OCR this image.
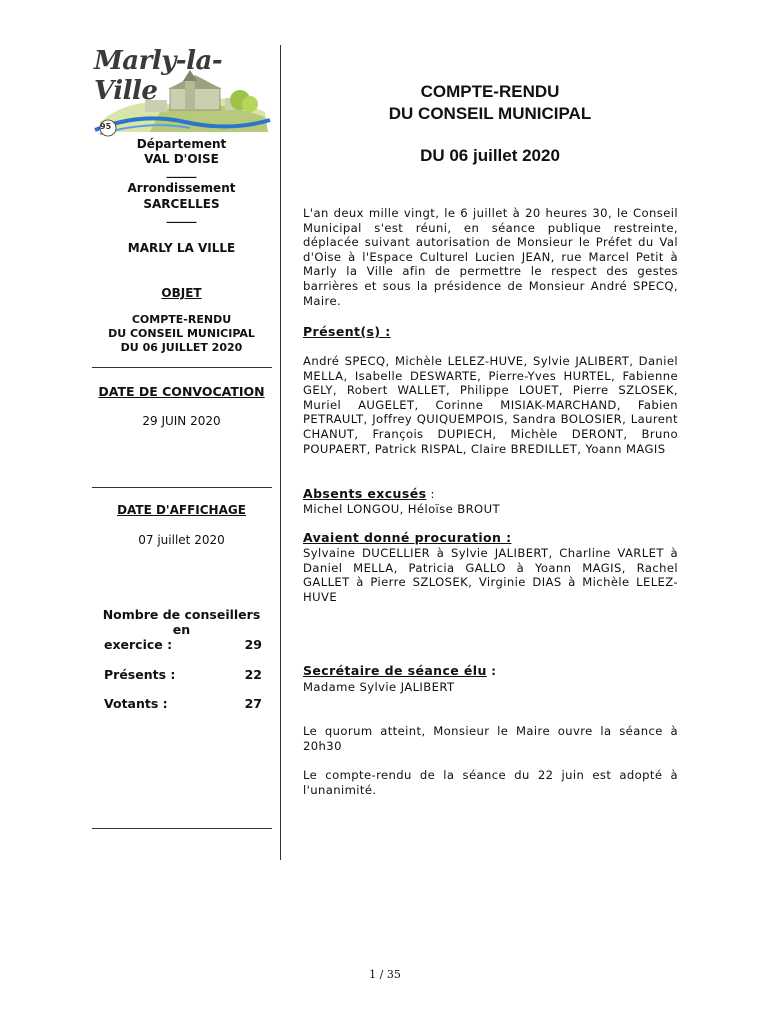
Marly-la-Ville
95
Département
VAL D'OISE
_____
Arrondissement
SARCELLES
_____
MARLY LA VILLE
OBJET
COMPTE-RENDU
DU CONSEIL MUNICIPAL
DU 06 JUILLET 2020
DATE DE CONVOCATION
29 JUIN 2020
DATE D'AFFICHAGE
07 juillet 2020
Nombre de conseillers
en
exercice :	29
Présents :	22
Votants :	27
COMPTE-RENDU
DU CONSEIL MUNICIPAL
DU 06 juillet 2020
L'an deux mille vingt, le 6 juillet à 20 heures 30, le Conseil Municipal s'est réuni, en séance publique restreinte, déplacée suivant autorisation de Monsieur le Préfet du Val d'Oise à l'Espace Culturel Lucien JEAN, rue Marcel Petit à Marly la Ville afin de permettre le respect des gestes barrières et sous la présidence de Monsieur André SPECQ, Maire.
Présent(s) :
André SPECQ, Michèle LELEZ-HUVE, Sylvie JALIBERT, Daniel MELLA, Isabelle DESWARTE, Pierre-Yves HURTEL, Fabienne GELY, Robert WALLET, Philippe LOUET, Pierre SZLOSEK, Muriel AUGELET, Corinne MISIAK-MARCHAND, Fabien PETRAULT, Joffrey QUIQUEMPOIS, Sandra BOLOSIER, Laurent CHANUT, François DUPIECH, Michèle DERONT, Bruno POUPAERT, Patrick RISPAL, Claire BREDILLET, Yoann MAGIS
Absents excusés :
Michel LONGOU, Héloïse BROUT
Avaient donné procuration :
Sylvaine DUCELLIER à Sylvie JALIBERT, Charline VARLET à Daniel MELLA, Patricia GALLO à Yoann MAGIS, Rachel GALLET à Pierre SZLOSEK, Virginie DIAS à Michèle LELEZ-HUVE
Secrétaire de séance élu :
Madame Sylvie JALIBERT
Le quorum atteint, Monsieur le Maire ouvre la séance à 20h30
Le compte-rendu de la séance du 22 juin est adopté à l'unanimité.
1 / 35
